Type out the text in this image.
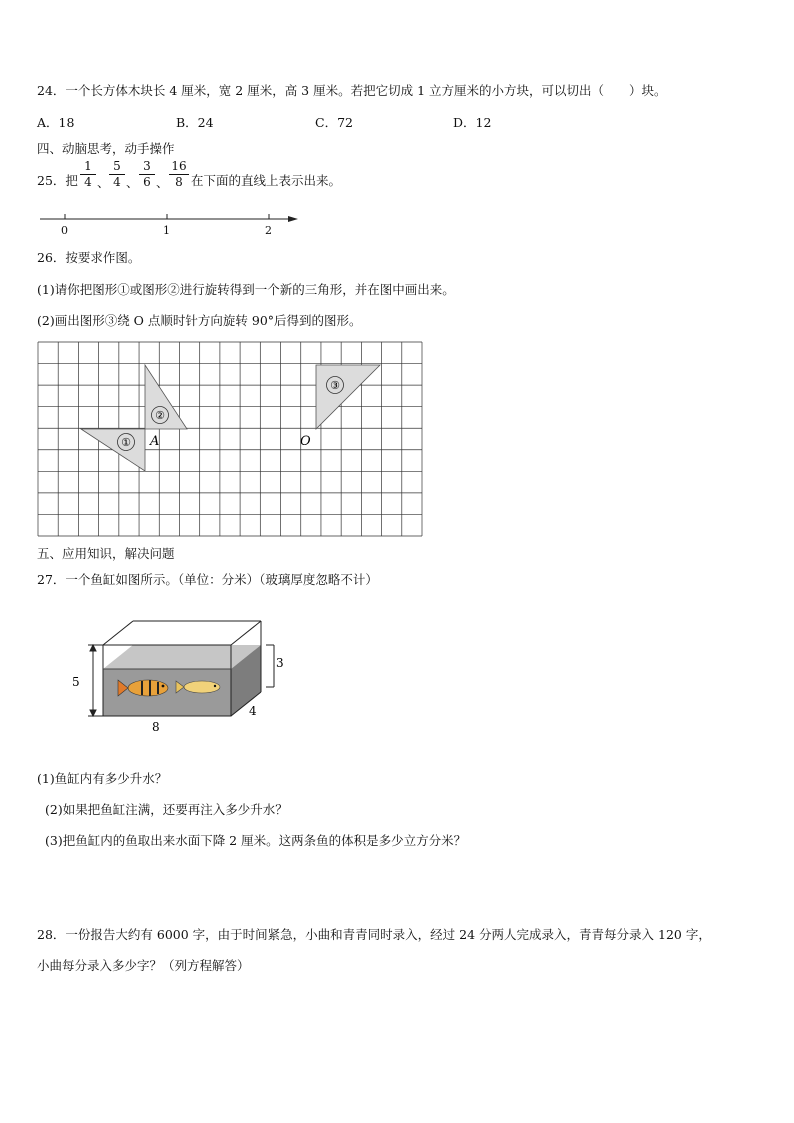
24．一个长方体木块长 4 厘米，宽 2 厘米，高 3 厘米。若把它切成 1 立方厘米的小方块，可以切出（　　）块。
A．18	B．24	C．72	D．12
四、动脑思考，动手操作
25．把
1
4 、
5
4 、
3
6 、
16
8 在下面的直线上表示出来。
0	1	2
26．按要求作图。
(1)请你把图形①或图形②进行旋转得到一个新的三角形，并在图中画出来。
(2)画出图形③绕 O 点顺时针方向旋转 90°后得到的图形。
①
②
③
A	O
五、应用知识，解决问题
27．一个鱼缸如图所示。（单位：分米）（玻璃厚度忽略不计）
5
3
4
8
(1)鱼缸内有多少升水？
(2)如果把鱼缸注满，还要再注入多少升水？
(3)把鱼缸内的鱼取出来水面下降 2 厘米。这两条鱼的体积是多少立方分米？
28．一份报告大约有 6000 字，由于时间紧急，小曲和青青同时录入，经过 24 分两人完成录入，青青每分录入 120 字，
小曲每分录入多少字？（列方程解答）
